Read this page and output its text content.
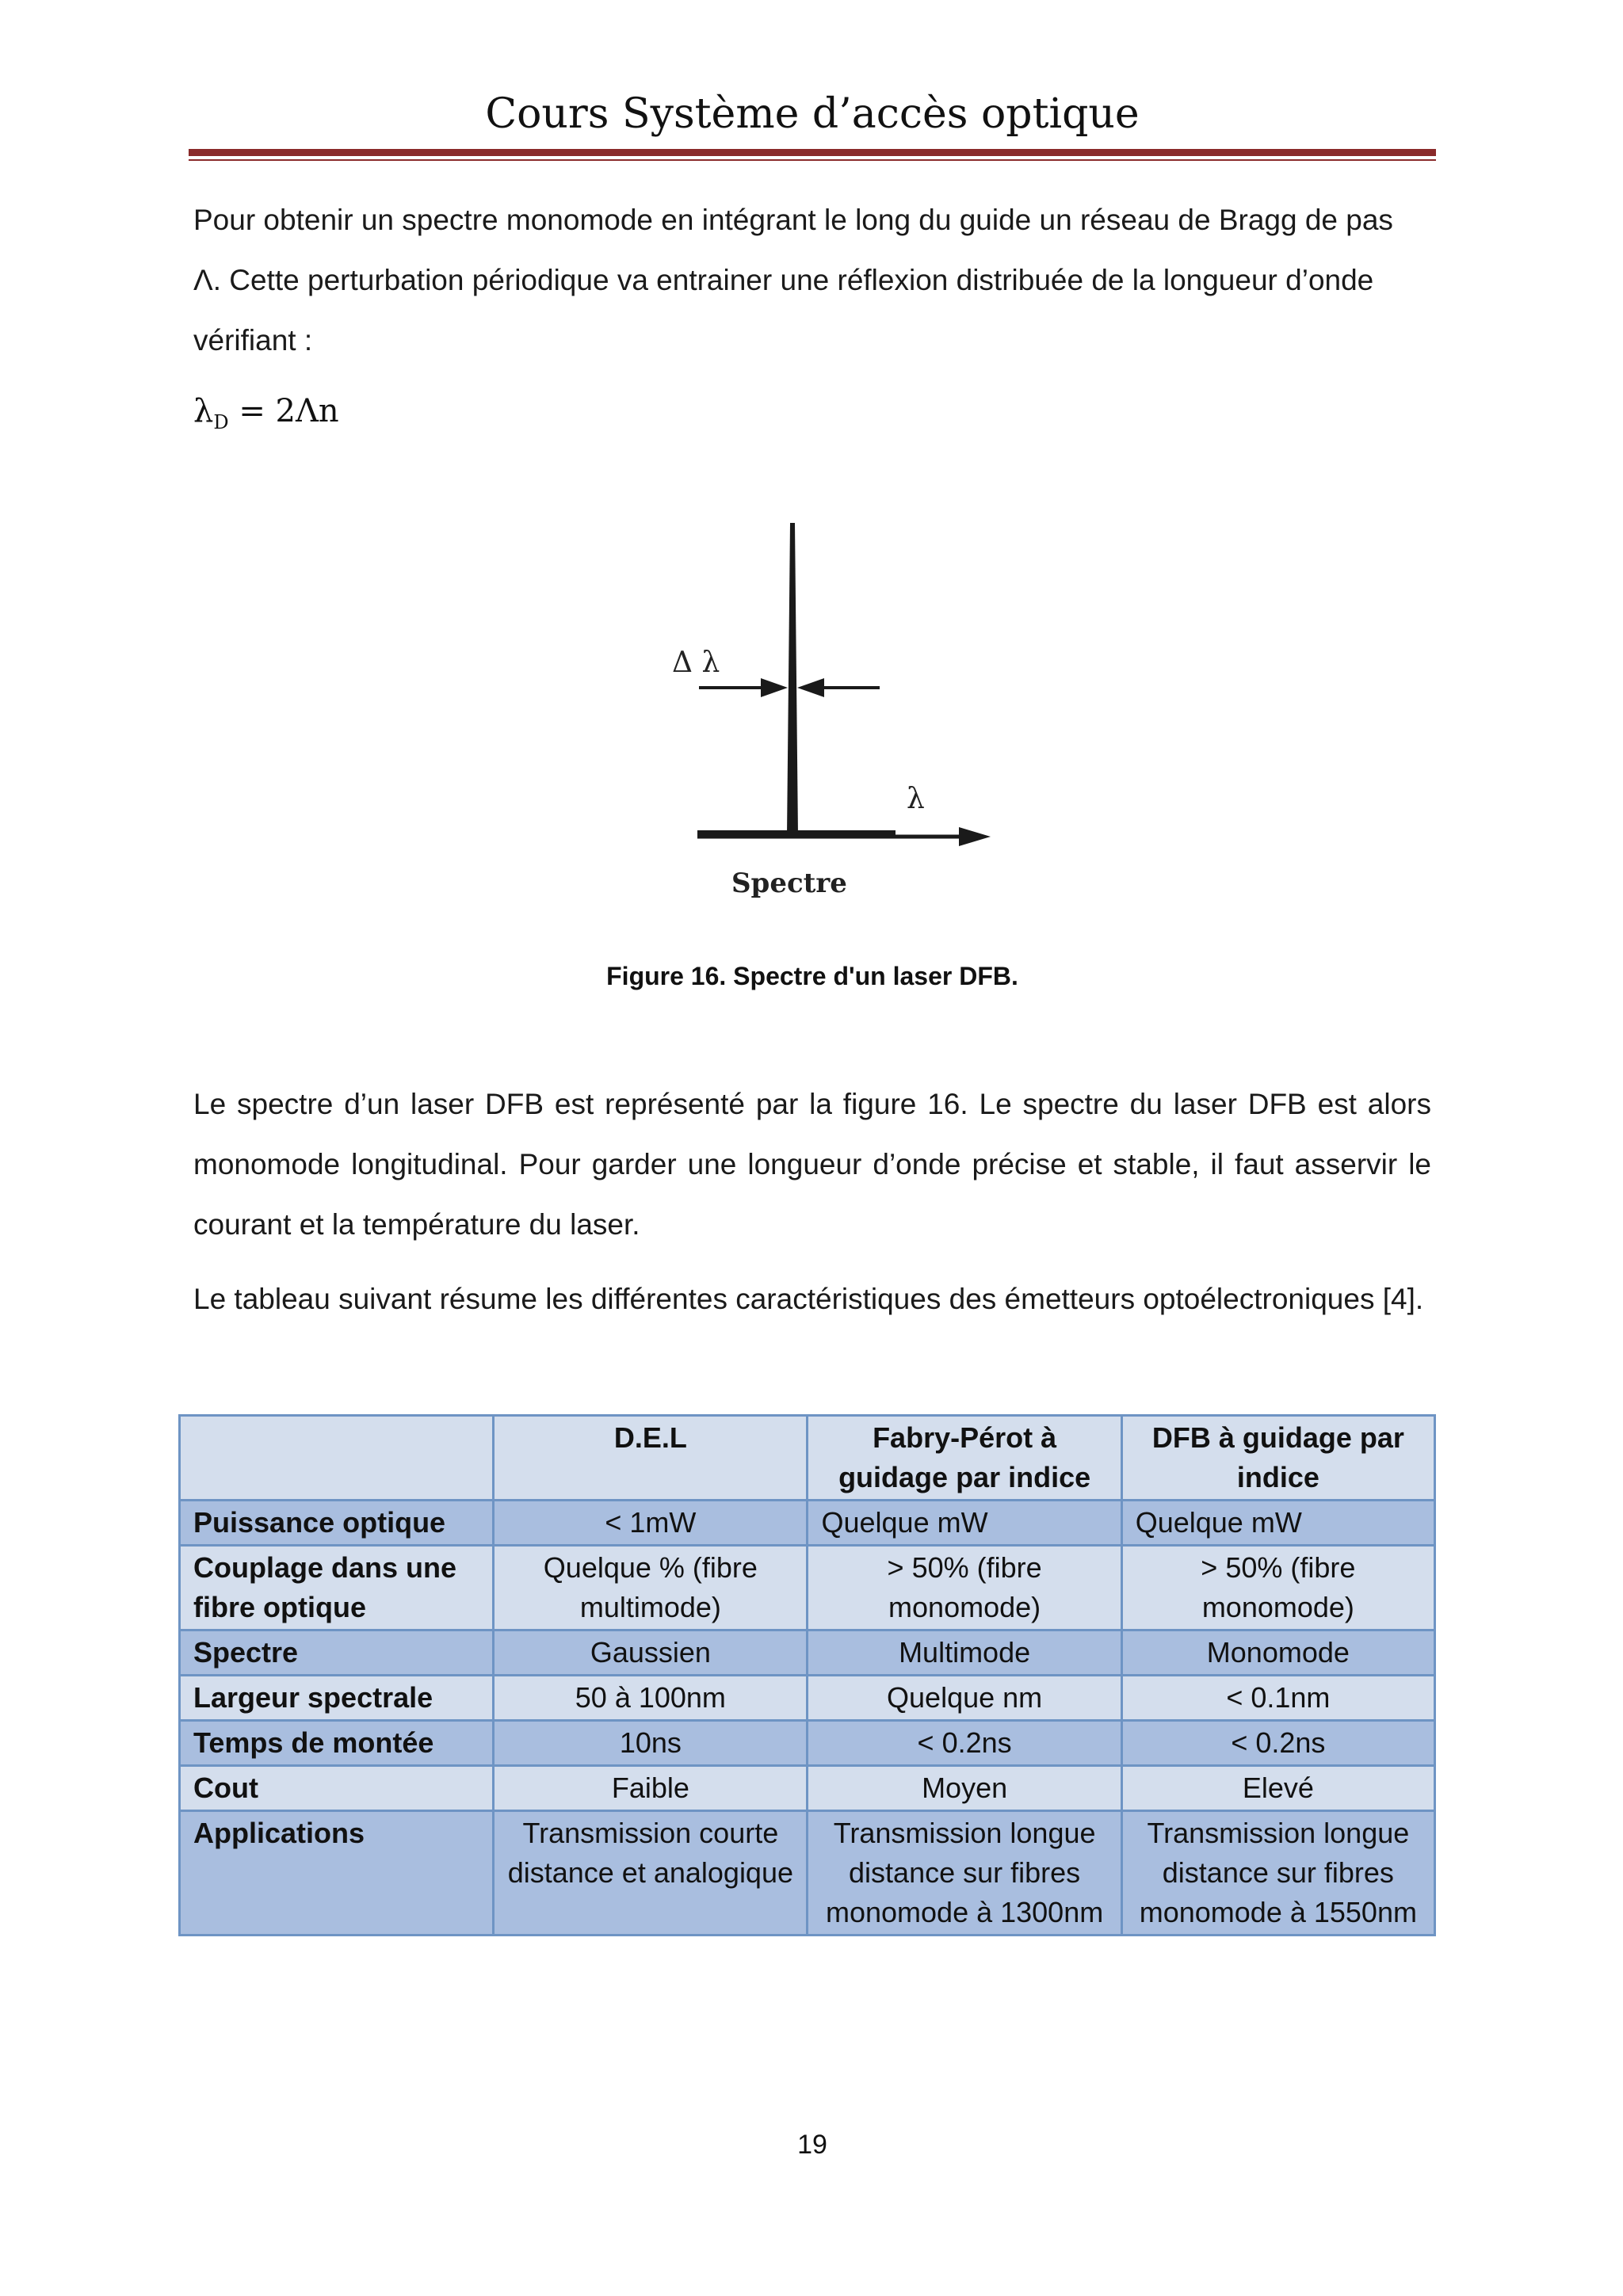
Cours Système d’accès optique

Pour obtenir un spectre monomode en intégrant le long du guide un réseau de Bragg de pas
Λ. Cette perturbation périodique va entrainer une réflexion distribuée de la longueur d’onde
vérifiant :

$\lambda_D = 2\Lambda n$
Δ λ
λ
Spectre
Figure 16. Spectre d'un laser DFB.

Le spectre d’un laser DFB est représenté par la figure 16. Le spectre du laser DFB est alors monomode longitudinal. Pour garder une longueur d’onde précise et stable, il faut asservir le courant et la température du laser.

Le tableau suivant résume les différentes caractéristiques des émetteurs optoélectroniques [4].

	D.E.L	Fabry-Pérot à guidage par indice	DFB à guidage par indice
Puissance optique	< 1mW	Quelque mW	Quelque mW
Couplage dans une fibre optique	Quelque % (fibre multimode)	> 50% (fibre monomode)	> 50% (fibre monomode)
Spectre	Gaussien	Multimode	Monomode
Largeur spectrale	50 à 100nm	Quelque nm	< 0.1nm
Temps de montée	10ns	< 0.2ns	< 0.2ns
Cout	Faible	Moyen	Elevé
Applications	Transmission courte distance et analogique	Transmission longue distance sur fibres monomode à 1300nm	Transmission longue distance sur fibres monomode à 1550nm
19
